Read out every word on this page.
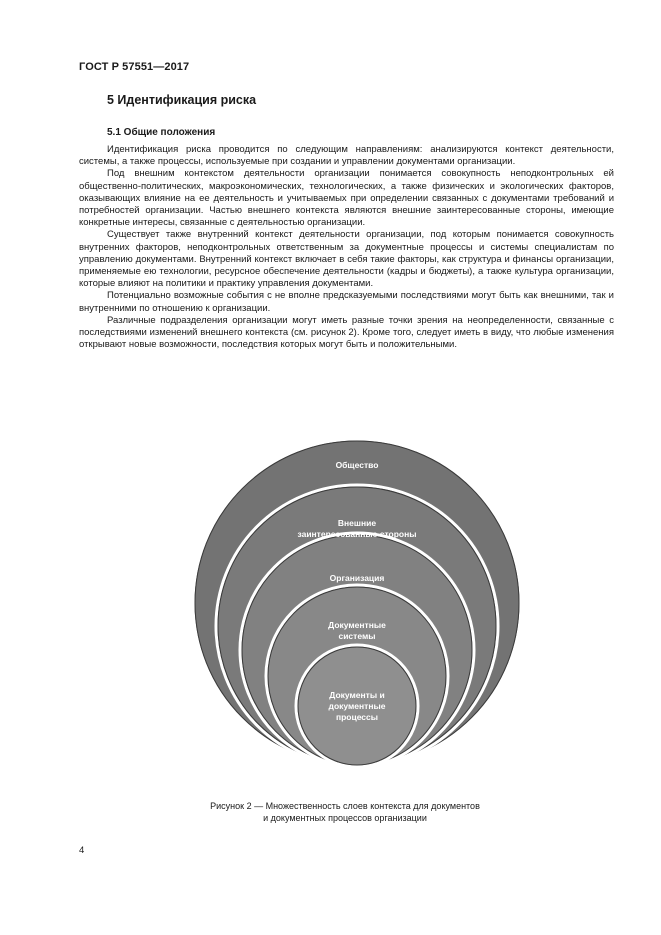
ГОСТ Р 57551—2017
5 Идентификация риска
5.1 Общие положения

Идентификация риска проводится по следующим направлениям: анализируются контекст деятельности, системы, а также процессы, используемые при создании и управлении документами организации.

Под внешним контекстом деятельности организации понимается совокупность неподконтрольных ей общественно-политических, макроэкономических, технологических, а также физических и экологических факторов, оказывающих влияние на ее деятельность и учитываемых при определении связанных с документами требований и потребностей организации. Частью внешнего контекста являются внешние заинтересованные стороны, имеющие конкретные интересы, связанные с деятельностью организации.

Существует также внутренний контекст деятельности организации, под которым понимается совокупность внутренних факторов, неподконтрольных ответственным за документные процессы и системы специалистам по управлению документами. Внутренний контекст включает в себя такие факторы, как структура и финансы организации, применяемые ею технологии, ресурсное обеспечение деятельности (кадры и бюджеты), а также культура организации, которые влияют на политики и практику управления документами.

Потенциально возможные события с не вполне предсказуемыми последствиями могут быть как внешними, так и внутренними по отношению к организации.

Различные подразделения организации могут иметь разные точки зрения на неопределенности, связанные с последствиями изменений внешнего контекста (см. рисунок 2). Кроме того, следует иметь в виду, что любые изменения открывают новые возможности, последствия которых могут быть и положительными.

Общество
Внешние
заинтересованные стороны
Организация
Документные
системы
Документы и
документные
процессы
Рисунок 2 — Множественность слоев контекста для документов
и документных процессов организации
4
